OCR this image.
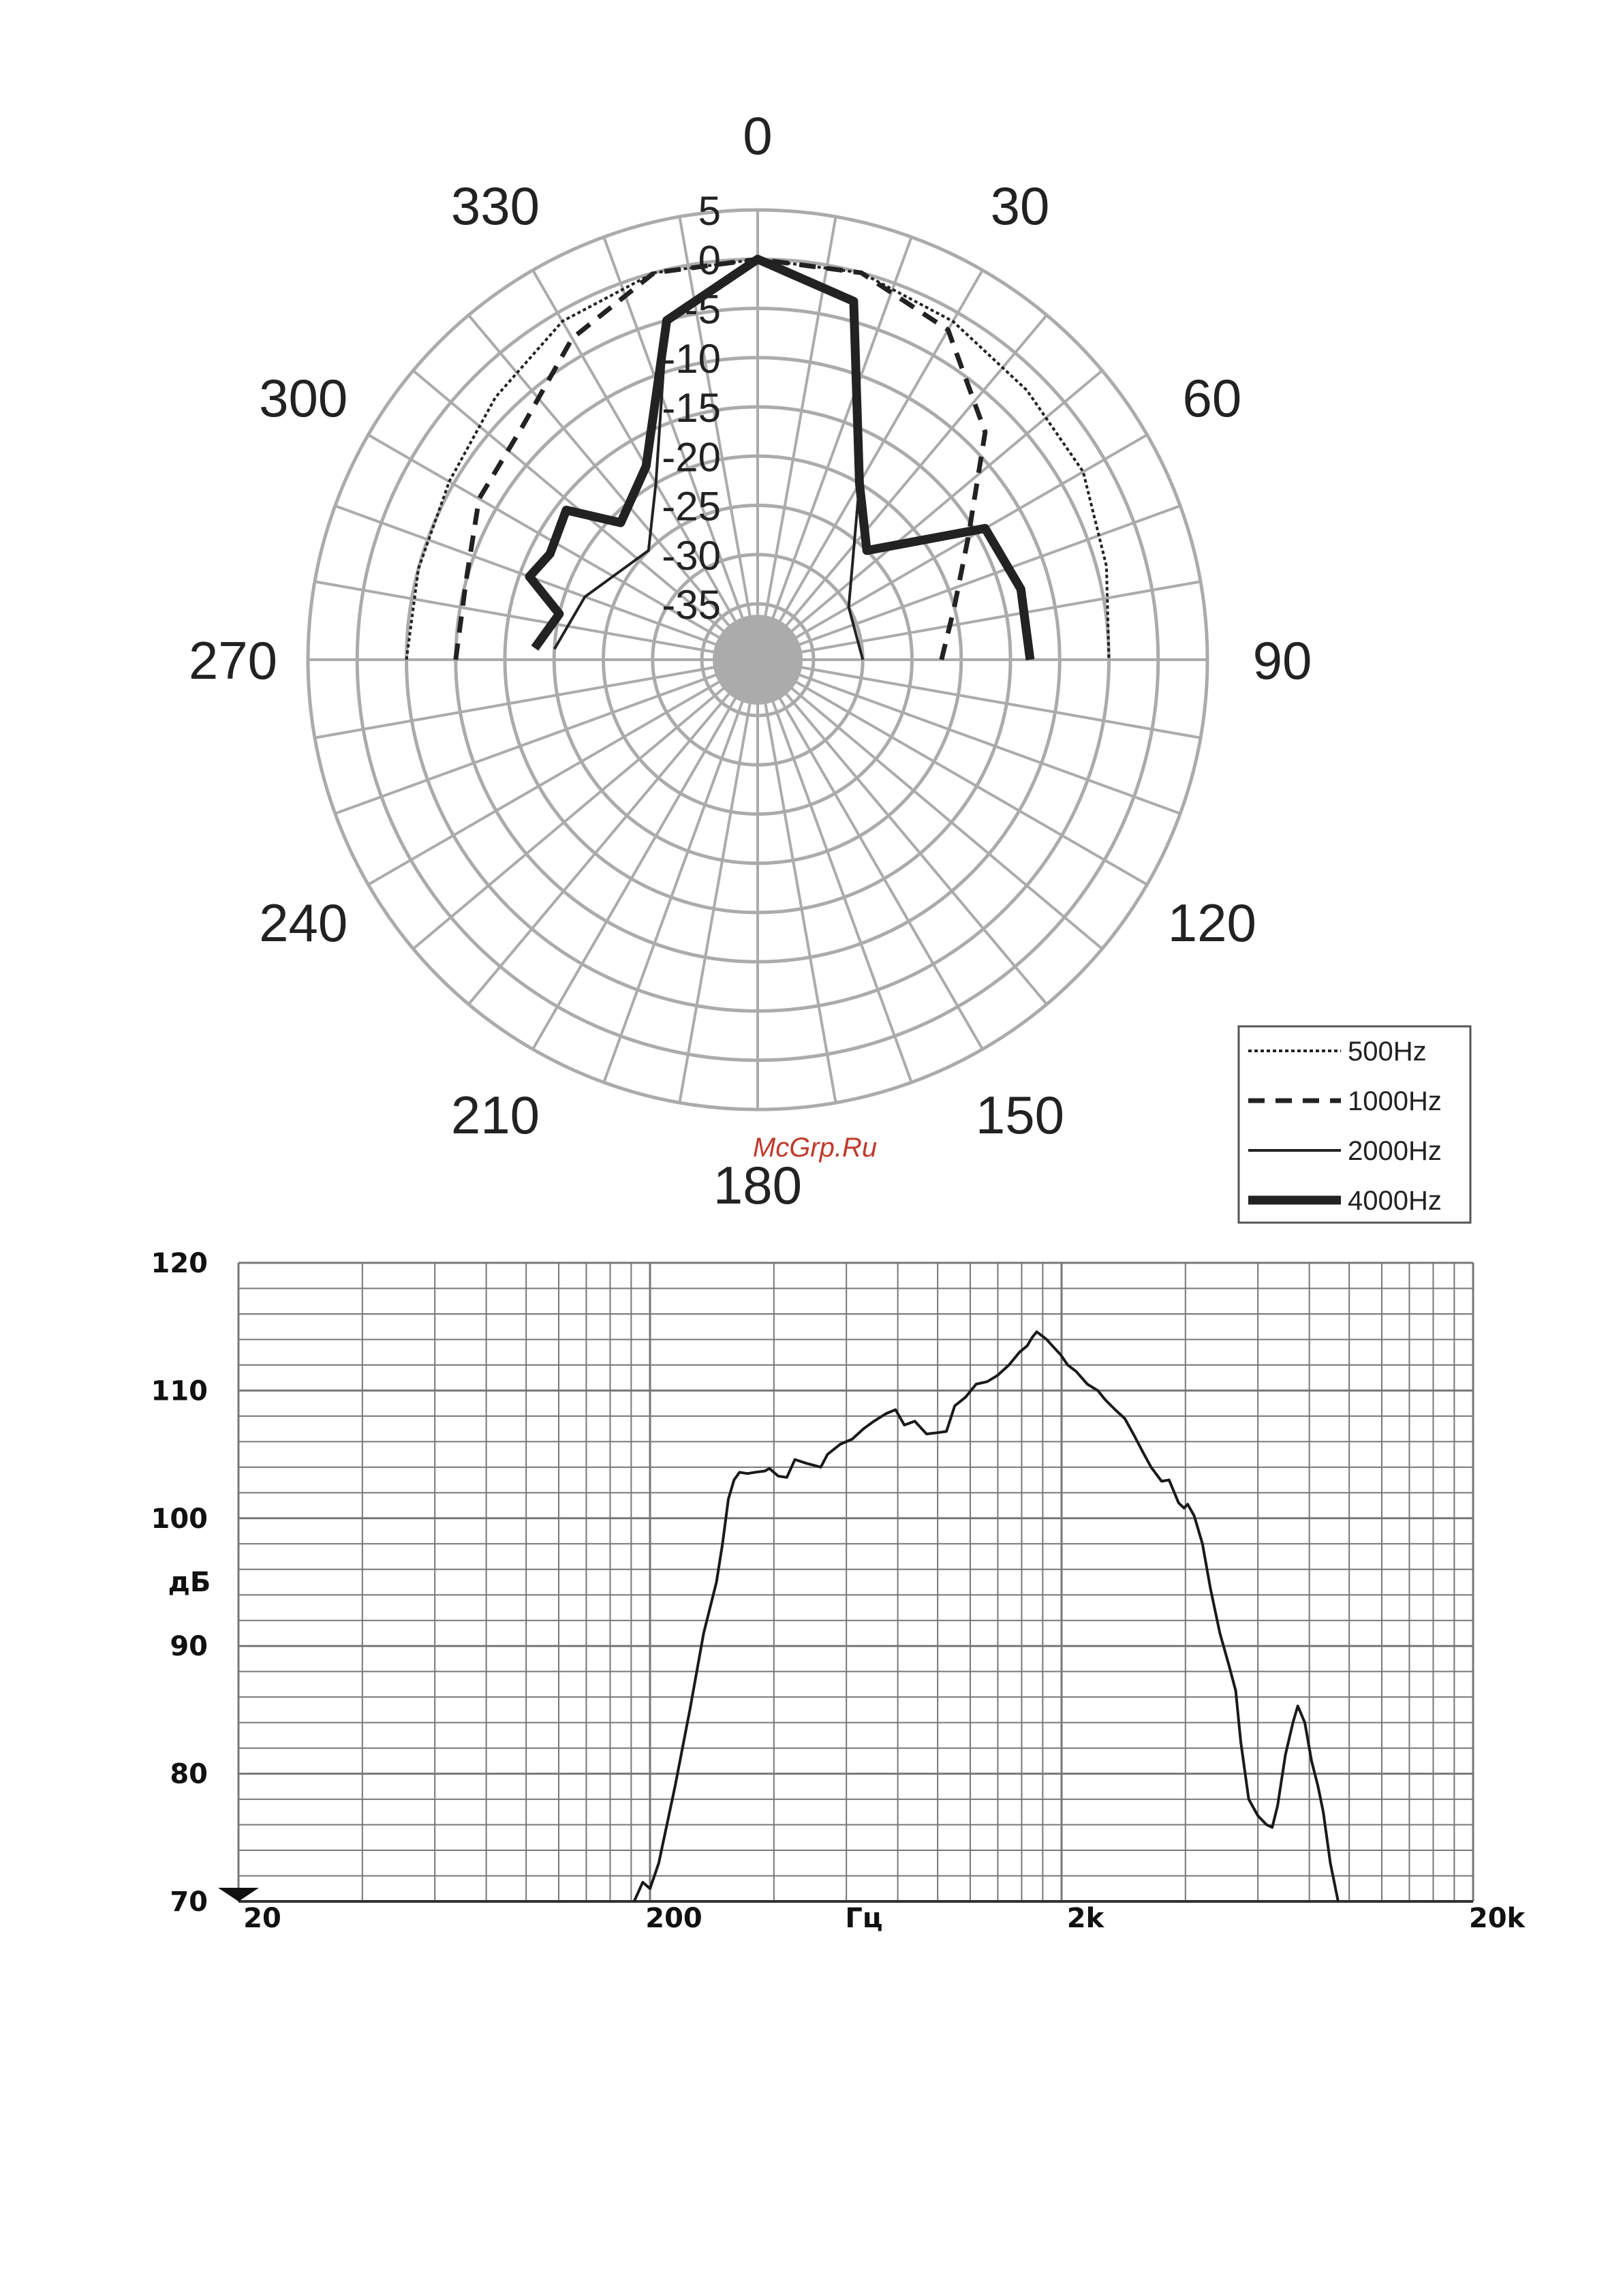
5
0
-5
-10
-15
-20
-25
-30
-35
0
30
60
90
120
150
180
210
240
270
300
330
500Hz
1000Hz
2000Hz
4000Hz
McGrp.Ru
70
80
90
100
110
120
20	200	2k	20k
дБ
Гц
